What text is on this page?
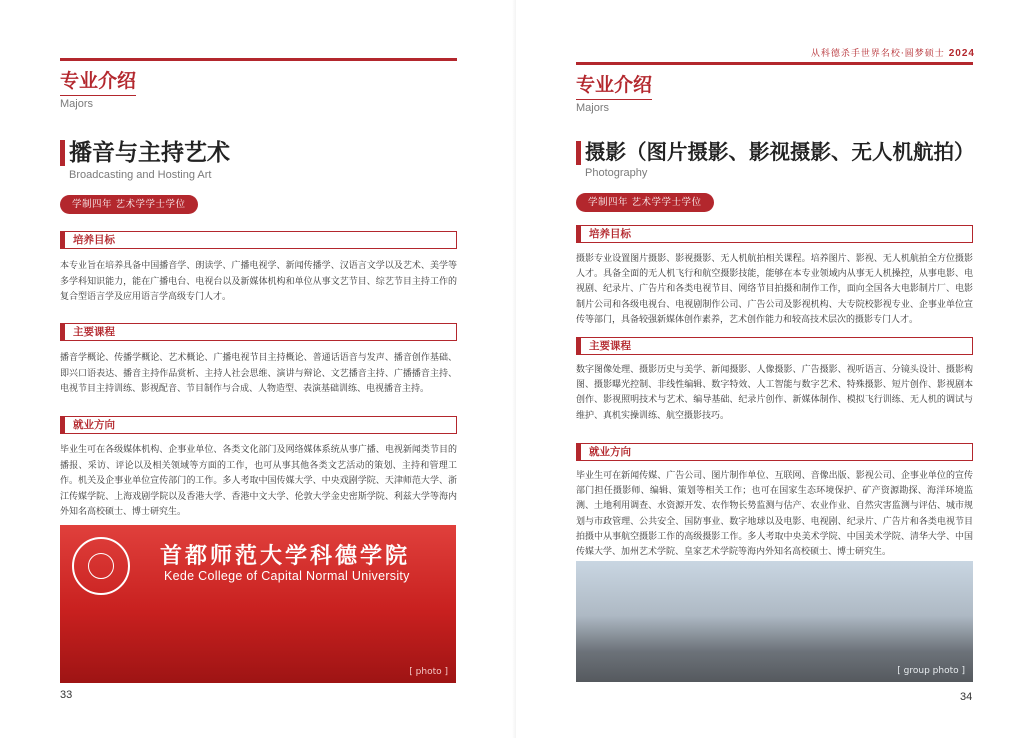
专业介绍
Majors
播音与主持艺术
Broadcasting and Hosting Art
学制四年 艺术学学士学位
培养目标
本专业旨在培养具备中国播音学、朗读学、广播电视学、新闻传播学、汉语言文学以及艺术、美学等多学科知识能力，能在广播电台、电视台以及新媒体机构和单位从事文艺节目、综艺节目主持工作的复合型语言学及应用语言学高级专门人才。
主要课程
播音学概论、传播学概论、艺术概论、广播电视节目主持概论、普通话语音与发声、播音创作基础、即兴口语表达、播音主持作品赏析、主持人社会思维、演讲与辩论、文艺播音主持、广播播音主持、电视节目主持训练、影视配音、节目制作与合成、人物造型、表演基础训练、电视播音主持。
就业方向
毕业生可在各级媒体机构、企事业单位、各类文化部门及网络媒体系统从事广播、电视新闻类节目的播报、采访、评论以及相关领域等方面的工作，也可从事其他各类文艺活动的策划、主持和管理工作。机关及企事业单位宣传部门的工作。多人考取中国传媒大学、中央戏剧学院、天津师范大学、浙江传媒学院、上海戏剧学院以及香港大学、香港中文大学、伦敦大学金史密斯学院、利兹大学等海内外知名高校硕士、博士研究生。
首都师范大学科德学院
Kede College of Capital Normal University
[ photo ]
33
从科德杀手世界名校·圆梦硕士 2024
专业介绍
Majors
摄影（图片摄影、影视摄影、无人机航拍）
Photography
学制四年 艺术学学士学位
培养目标
摄影专业设置图片摄影、影视摄影、无人机航拍相关课程。培养图片、影视、无人机航拍全方位摄影人才。具备全面的无人机飞行和航空摄影技能，能够在本专业领域内从事无人机操控，从事电影、电视剧、纪录片、广告片和各类电视节目、网络节目拍摄和制作工作，面向全国各大电影制片厂、电影制片公司和各级电视台、电视剧制作公司、广告公司及影视机构、大专院校影视专业、企事业单位宣传等部门，具备较强新媒体创作素养，艺术创作能力和较高技术层次的摄影专门人才。
主要课程
数字图像处理、摄影历史与美学、新闻摄影、人像摄影、广告摄影、视听语言、分镜头设计、摄影构图、摄影曝光控制、非线性编辑、数字特效、人工智能与数字艺术、特殊摄影、短片创作、影视剧本创作、影视照明技术与艺术、编导基础、纪录片创作、新媒体制作、模拟飞行训练、无人机的调试与维护、真机实操训练、航空摄影技巧。
就业方向
毕业生可在新闻传媒、广告公司、图片制作单位、互联网、音像出版、影视公司、企事业单位的宣传部门担任摄影师、编辑、策划等相关工作；也可在国家生态环境保护、矿产资源勘探、海洋环境监测、土地利用调查、水资源开发、农作物长势监测与估产、农业作业、自然灾害监测与评估、城市规划与市政管理、公共安全、国防事业、数字地球以及电影、电视剧、纪录片、广告片和各类电视节目拍摄中从事航空摄影工作的高级摄影工作。多人考取中央美术学院、中国美术学院、清华大学、中国传媒大学、加州艺术学院、皇家艺术学院等海内外知名高校硕士、博士研究生。
[ group photo ]
34
